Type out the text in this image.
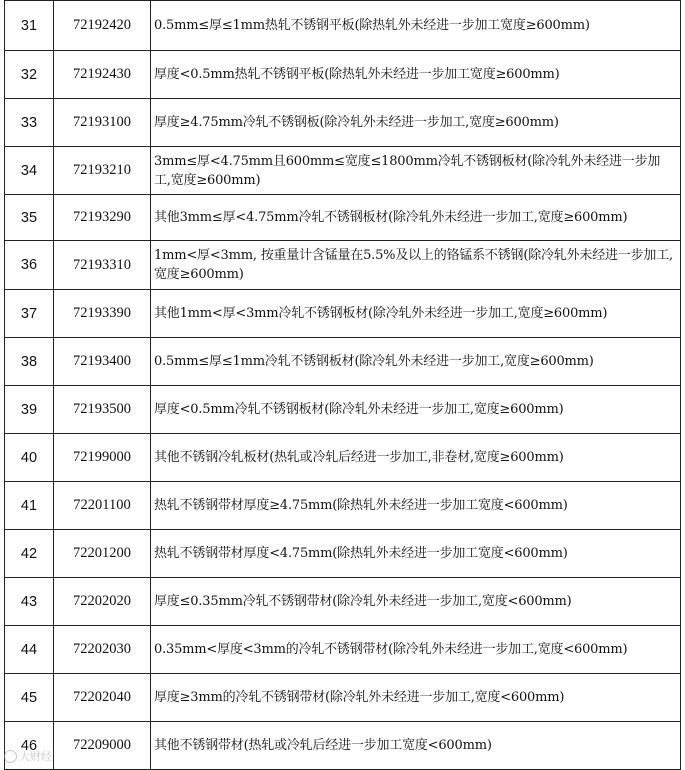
31	72192420	0.5mm≤厚≤1mm热轧不锈钢平板(除热轧外未经进一步加工宽度≥600mm)
32	72192430	厚度<0.5mm热轧不锈钢平板(除热轧外未经进一步加工宽度≥600mm)
33	72193100	厚度≥4.75mm冷轧不锈钢板(除冷轧外未经进一步加工,宽度≥600mm)
34	72193210	3mm≤厚<4.75mm且600mm≤宽度≤1800mm冷轧不锈钢板材(除冷轧外未经进一步加工,宽度≥600mm)
35	72193290	其他3mm≤厚<4.75mm冷轧不锈钢板材(除冷轧外未经进一步加工,宽度≥600mm)
36	72193310	1mm<厚<3mm, 按重量计含锰量在5.5%及以上的铬锰系不锈钢(除冷轧外未经进一步加工,宽度≥600mm)
37	72193390	其他1mm<厚<3mm冷轧不锈钢板材(除冷轧外未经进一步加工,宽度≥600mm)
38	72193400	0.5mm≤厚≤1mm冷轧不锈钢板材(除冷轧外未经进一步加工,宽度≥600mm)
39	72193500	厚度<0.5mm冷轧不锈钢板材(除冷轧外未经进一步加工,宽度≥600mm)
40	72199000	其他不锈钢冷轧板材(热轧或冷轧后经进一步加工,非卷材,宽度≥600mm)
41	72201100	热轧不锈钢带材厚度≥4.75mm(除热轧外未经进一步加工宽度<600mm)
42	72201200	热轧不锈钢带材厚度<4.75mm(除热轧外未经进一步加工宽度<600mm)
43	72202020	厚度≤0.35mm冷轧不锈钢带材(除冷轧外未经进一步加工,宽度<600mm)
44	72202030	0.35mm<厚度<3mm的冷轧不锈钢带材(除冷轧外未经进一步加工,宽度<600mm)
45	72202040	厚度≥3mm的冷轧不锈钢带材(除冷轧外未经进一步加工,宽度<600mm)
46	72209000	其他不锈钢带材(热轧或冷轧后经进一步加工宽度<600mm)
大财经
